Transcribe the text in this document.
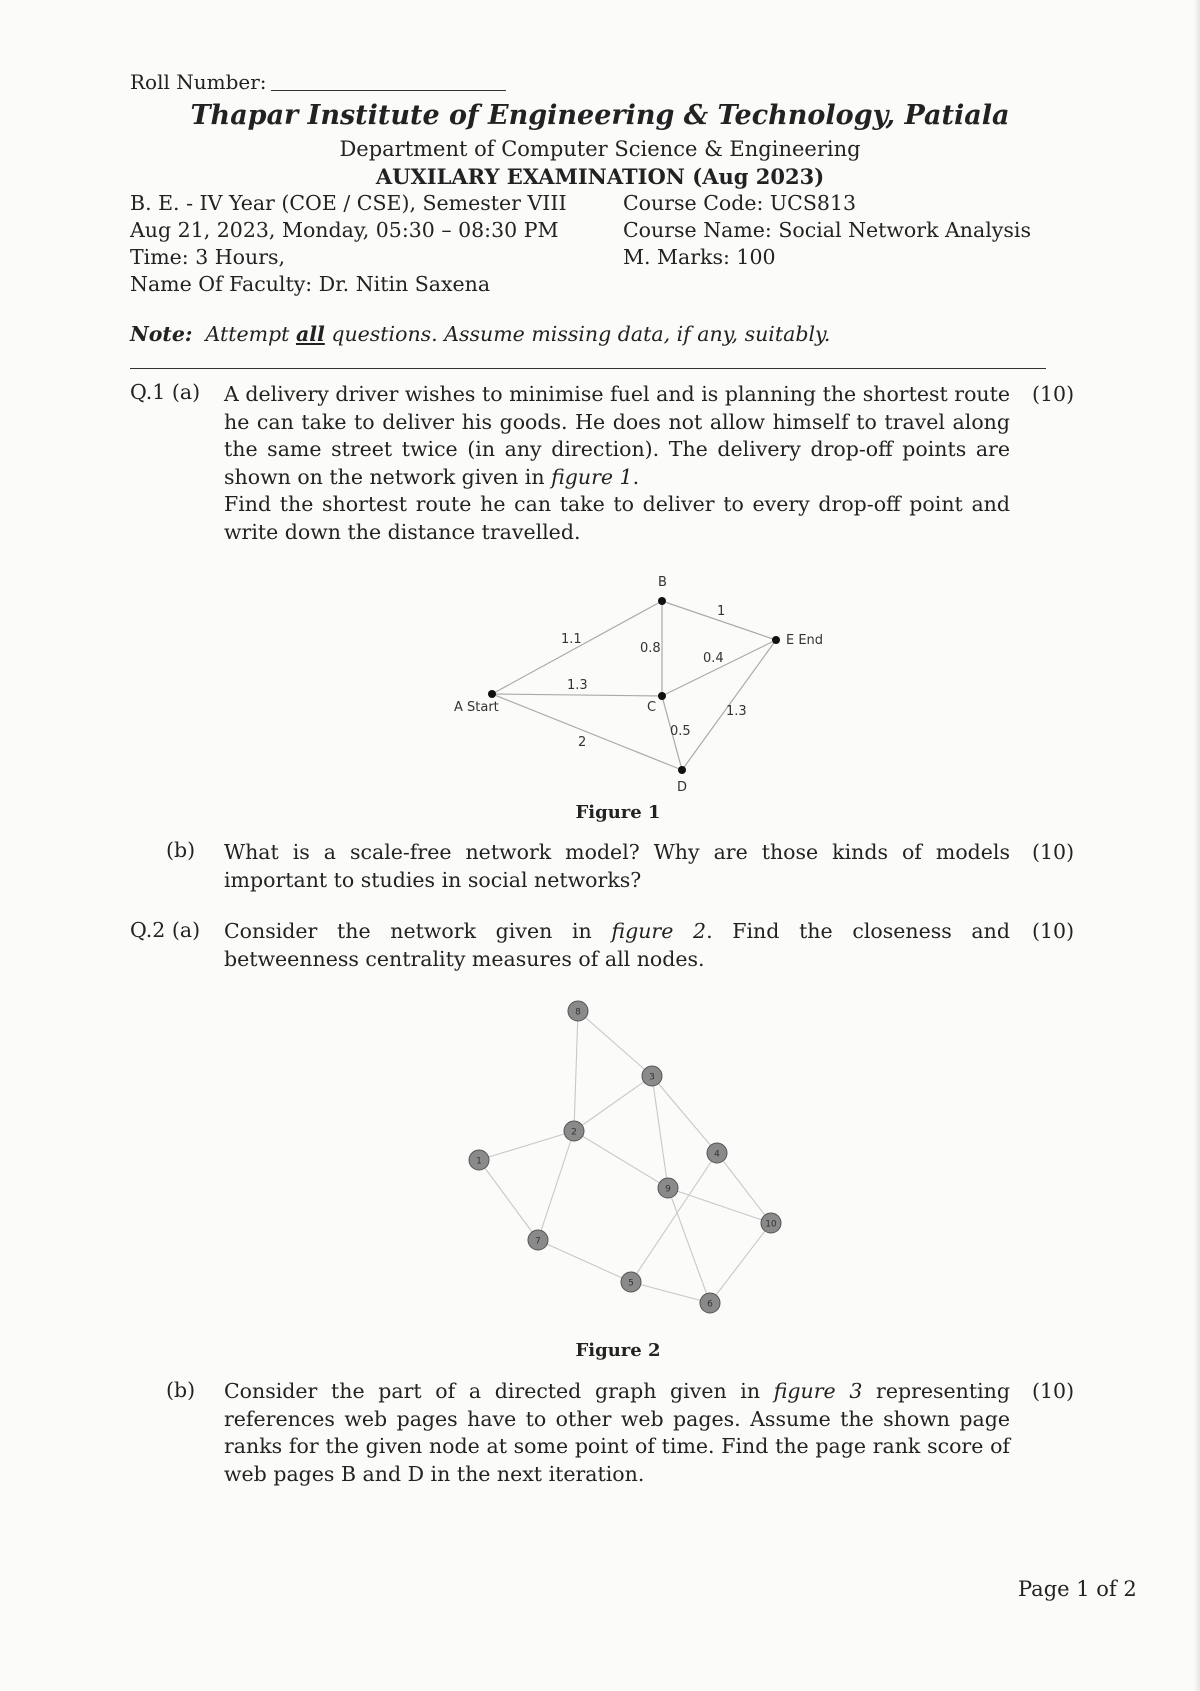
Roll Number:
Thapar Institute of Engineering & Technology, Patiala
Department of Computer Science & Engineering
AUXILARY EXAMINATION (Aug 2023)
B. E. - IV Year (COE / CSE), Semester VIII
Aug 21, 2023, Monday, 05:30 – 08:30 PM
Time: 3 Hours,
Name Of Faculty: Dr. Nitin Saxena
Course Code: UCS813
Course Name: Social Network Analysis
M. Marks: 100
Note: Attempt all questions. Assume missing data, if any, suitably.
Q.1 (a) A delivery driver wishes to minimise fuel and is planning the shortest route he can take to deliver his goods. He does not allow himself to travel along the same street twice (in any direction). The delivery drop-off points are shown on the network given in figure 1.

Find the shortest route he can take to deliver to every drop-off point and write down the distance travelled.

(10)
A Start
B
C
D
E End
1.1
1.3
2
0.8
1
0.4
0.5
1.3
Figure 1
(b) What is a scale-free network model? Why are those kinds of models important to studies in social networks?
(10)
Q.2 (a) Consider the network given in figure 2. Find the closeness and betweenness centrality measures of all nodes.
(10)
8
3
2
1
4
9
10
7
5
6
Figure 2
(b) Consider the part of a directed graph given in figure 3 representing references web pages have to other web pages. Assume the shown page ranks for the given node at some point of time. Find the page rank score of web pages B and D in the next iteration.
(10)
Page 1 of 2
